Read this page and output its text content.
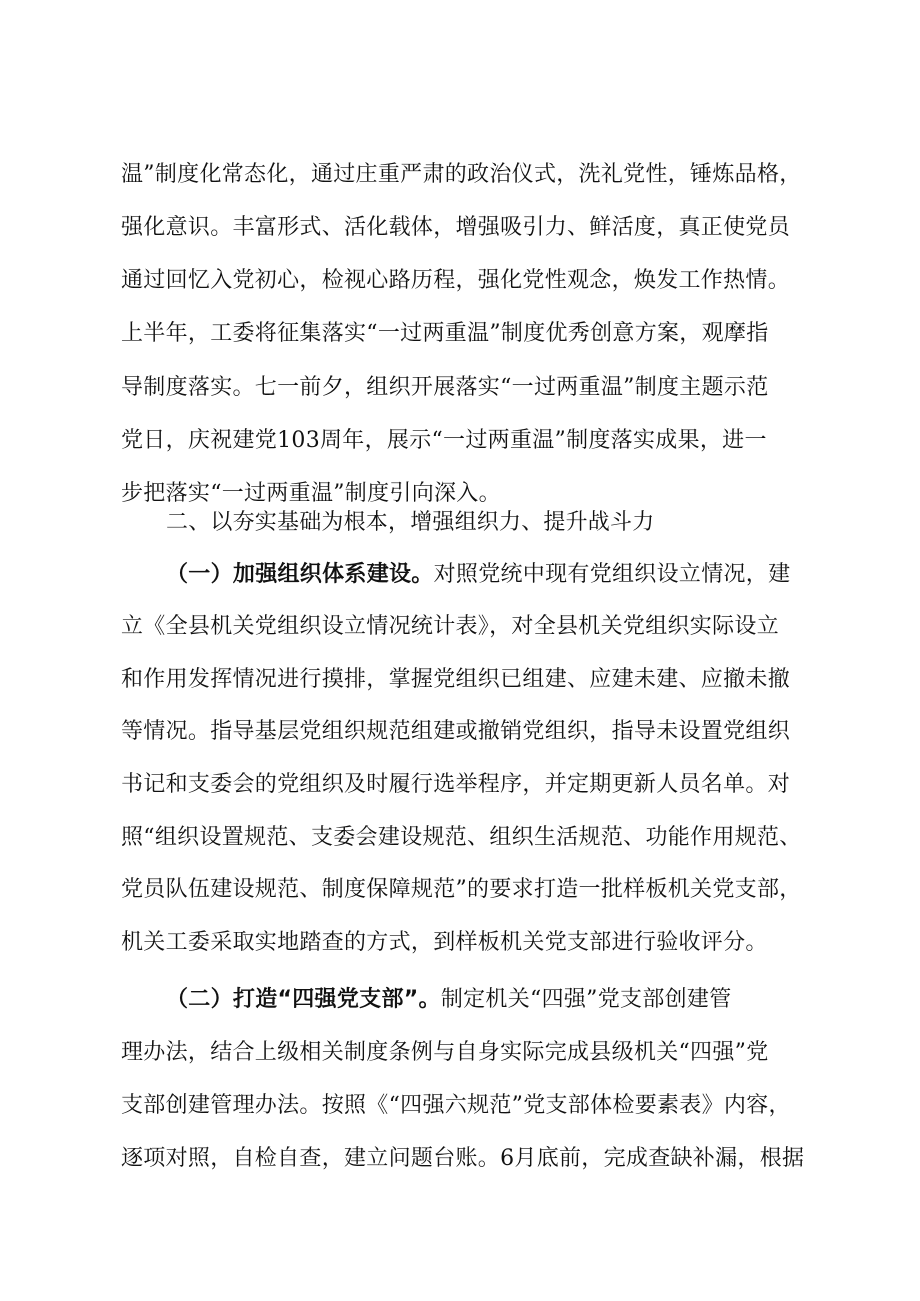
温”制度化常态化，通过庄重严肃的政治仪式，洗礼党性，锤炼品格，
强化意识。丰富形式、活化载体，增强吸引力、鲜活度，真正使党员
通过回忆入党初心，检视心路历程，强化党性观念，焕发工作热情。
上半年，工委将征集落实“一过两重温”制度优秀创意方案，观摩指
导制度落实。七一前夕，组织开展落实“一过两重温”制度主题示范
党日，庆祝建党103周年，展示“一过两重温”制度落实成果，进一
步把落实“一过两重温”制度引向深入。
二、以夯实基础为根本，增强组织力、提升战斗力
（一）加强组织体系建设。对照党统中现有党组织设立情况，建
立《全县机关党组织设立情况统计表》，对全县机关党组织实际设立
和作用发挥情况进行摸排，掌握党组织已组建、应建未建、应撤未撤
等情况。指导基层党组织规范组建或撤销党组织，指导未设置党组织
书记和支委会的党组织及时履行选举程序，并定期更新人员名单。对
照“组织设置规范、支委会建设规范、组织生活规范、功能作用规范、
党员队伍建设规范、制度保障规范”的要求打造一批样板机关党支部，
机关工委采取实地踏查的方式，到样板机关党支部进行验收评分。
（二）打造“四强党支部”。制定机关“四强”党支部创建管
理办法，结合上级相关制度条例与自身实际完成县级机关“四强”党
支部创建管理办法。按照《“四强六规范”党支部体检要素表》内容，
逐项对照，自检自查，建立问题台账。6月底前，完成查缺补漏，根据
